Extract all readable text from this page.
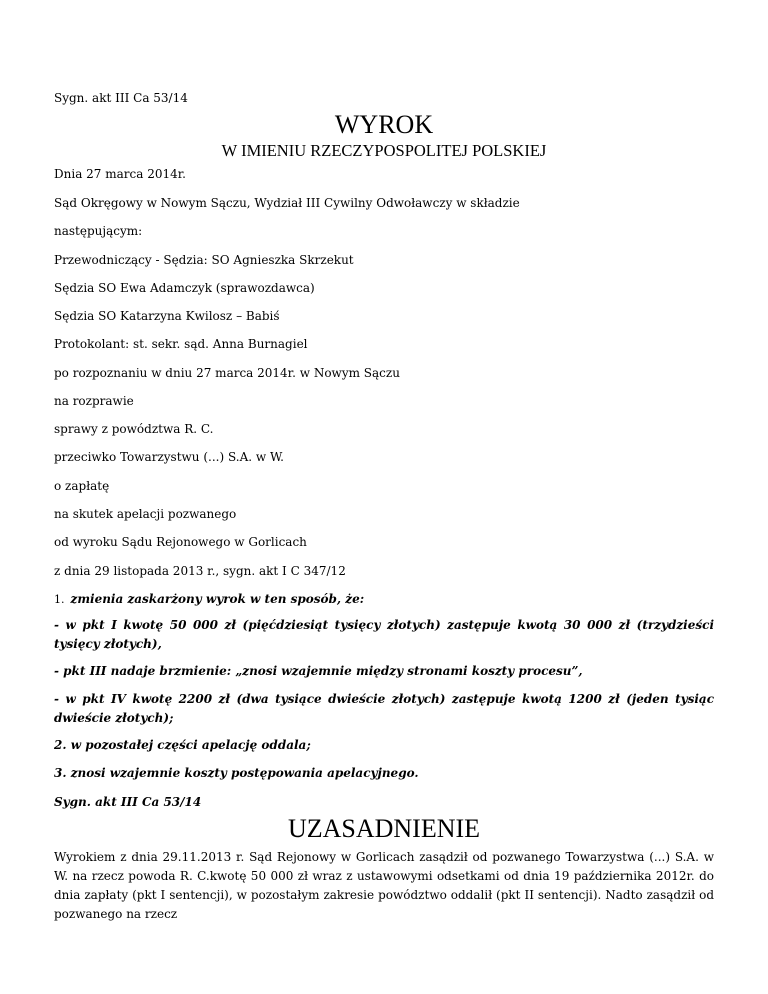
Sygn. akt III Ca 53/14
WYROK
W IMIENIU RZECZYPOSPOLITEJ POLSKIEJ
Dnia 27 marca 2014r.
Sąd Okręgowy w Nowym Sączu, Wydział III Cywilny Odwoławczy w składzie
następującym:
Przewodniczący - Sędzia: SO Agnieszka Skrzekut
Sędzia SO Ewa Adamczyk (sprawozdawca)
Sędzia SO Katarzyna Kwilosz – Babiś
Protokolant: st. sekr. sąd. Anna Burnagiel
po rozpoznaniu w dniu 27 marca 2014r. w Nowym Sączu
na rozprawie
sprawy z powództwa R. C.
przeciwko Towarzystwu (...) S.A. w W.
o zapłatę
na skutek apelacji pozwanego
od wyroku Sądu Rejonowego w Gorlicach
z dnia 29 listopada 2013 r., sygn. akt I C 347/12
1. zmienia zaskarżony wyrok w ten sposób, że:
- w pkt I kwotę 50 000 zł (pięćdziesiąt tysięcy złotych) zastępuje kwotą 30 000 zł (trzydzieści tysięcy złotych),
- pkt III nadaje brzmienie: „znosi wzajemnie między stronami koszty procesu”,
- w pkt IV kwotę 2200 zł (dwa tysiące dwieście złotych) zastępuje kwotą 1200 zł (jeden tysiąc dwieście złotych);
2. w pozostałej części apelację oddala;
3. znosi wzajemnie koszty postępowania apelacyjnego.
Sygn. akt III Ca 53/14
UZASADNIENIE
Wyrokiem z dnia 29.11.2013 r. Sąd Rejonowy w Gorlicach zasądził od pozwanego Towarzystwa (...) S.A. w W. na rzecz powoda R. C.kwotę 50 000 zł wraz z ustawowymi odsetkami od dnia 19 października 2012r. do dnia zapłaty (pkt I sentencji), w pozostałym zakresie powództwo oddalił (pkt II sentencji). Nadto zasądził od pozwanego na rzecz
